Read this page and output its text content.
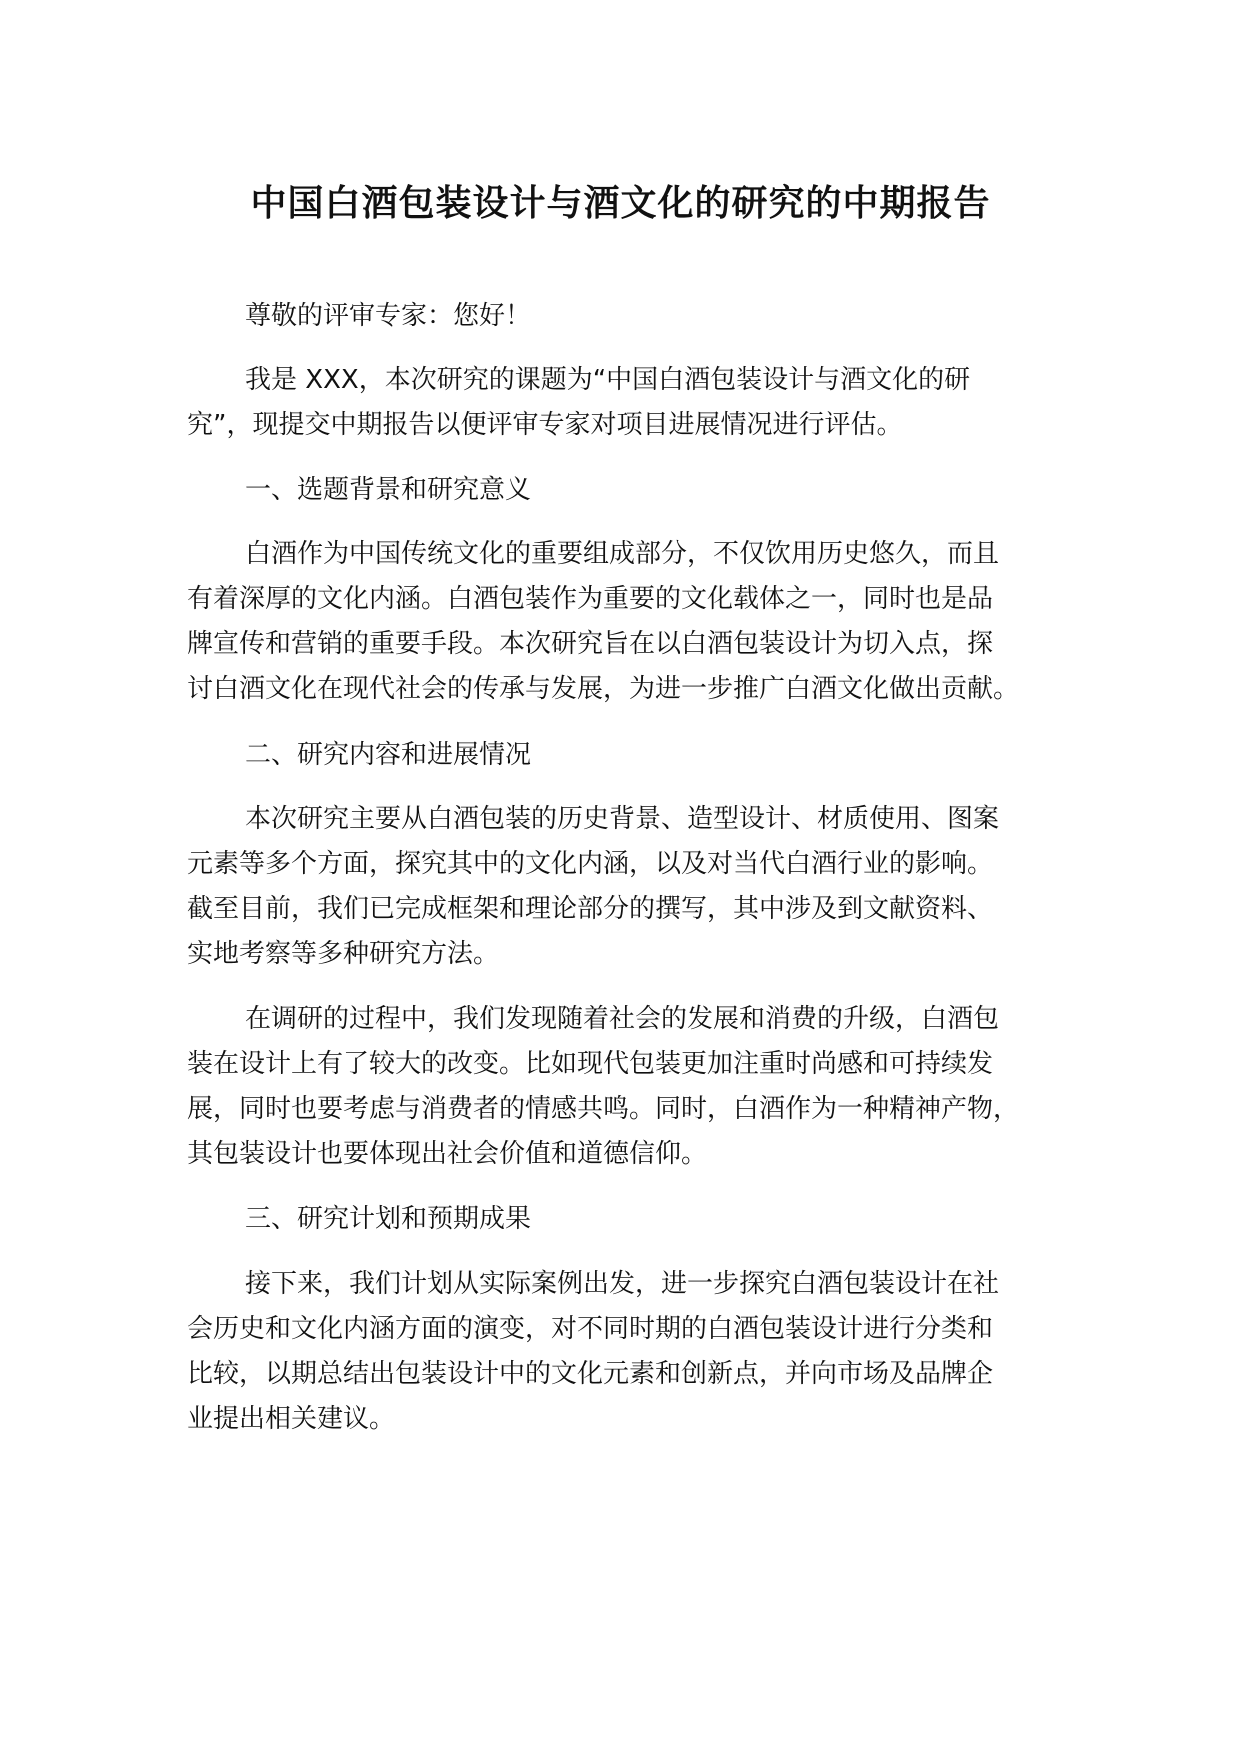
中国白酒包装设计与酒文化的研究的中期报告
尊敬的评审专家：您好！
我是 XXX，本次研究的课题为“中国白酒包装设计与酒文化的研
究”，现提交中期报告以便评审专家对项目进展情况进行评估。
一、选题背景和研究意义
白酒作为中国传统文化的重要组成部分，不仅饮用历史悠久，而且
有着深厚的文化内涵。白酒包装作为重要的文化载体之一，同时也是品
牌宣传和营销的重要手段。本次研究旨在以白酒包装设计为切入点，探
讨白酒文化在现代社会的传承与发展，为进一步推广白酒文化做出贡献。
二、研究内容和进展情况
本次研究主要从白酒包装的历史背景、造型设计、材质使用、图案
元素等多个方面，探究其中的文化内涵，以及对当代白酒行业的影响。
截至目前，我们已完成框架和理论部分的撰写，其中涉及到文献资料、
实地考察等多种研究方法。
在调研的过程中，我们发现随着社会的发展和消费的升级，白酒包
装在设计上有了较大的改变。比如现代包装更加注重时尚感和可持续发
展，同时也要考虑与消费者的情感共鸣。同时，白酒作为一种精神产物，
其包装设计也要体现出社会价值和道德信仰。
三、研究计划和预期成果
接下来，我们计划从实际案例出发，进一步探究白酒包装设计在社
会历史和文化内涵方面的演变，对不同时期的白酒包装设计进行分类和
比较，以期总结出包装设计中的文化元素和创新点，并向市场及品牌企
业提出相关建议。
